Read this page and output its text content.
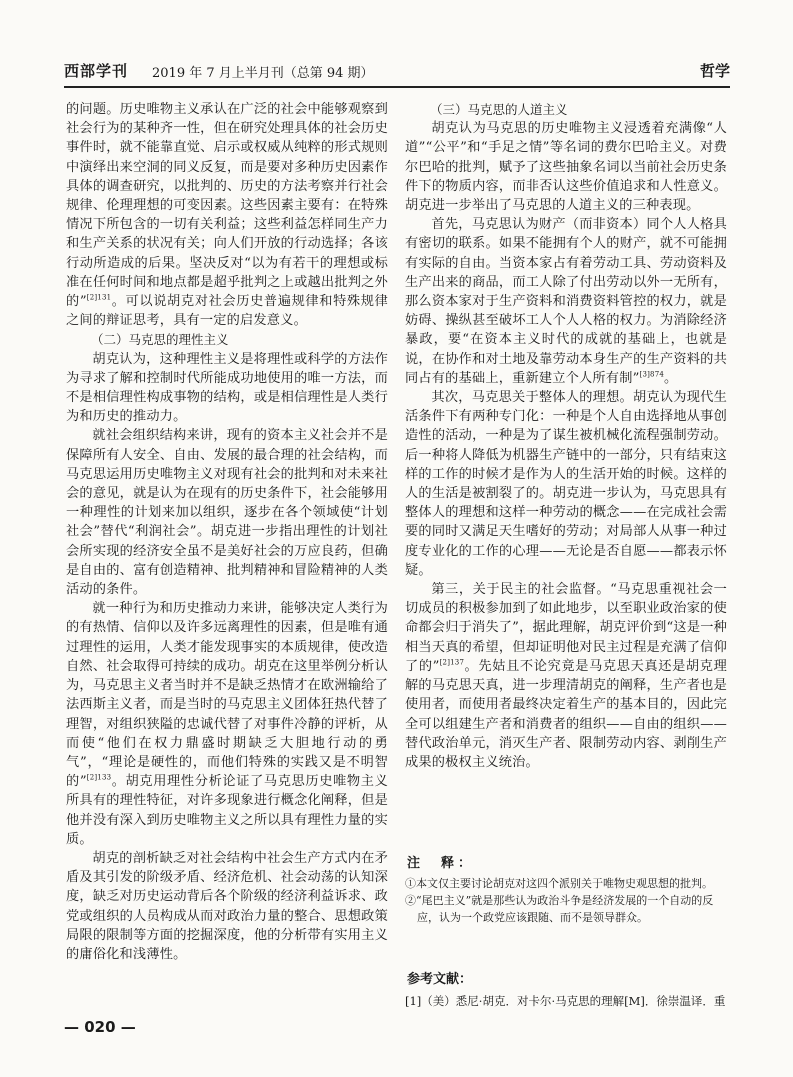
西部学刊 2019 年 7 月上半月刊（总第 94 期）	哲学

的问题。历史唯物主义承认在广泛的社会中能够观察到社会行为的某种齐一性，但在研究处理具体的社会历史事件时，就不能靠直觉、启示或权威从纯粹的形式规则中演绎出来空洞的同义反复，而是要对多种历史因素作具体的调查研究，以批判的、历史的方法考察并行社会规律、伦理理想的可变因素。这些因素主要有：在特殊情况下所包含的一切有关利益；这些利益怎样同生产力和生产关系的状况有关；向人们开放的行动选择；各该行动所造成的后果。坚决反对“以为有若干的理想或标准在任何时间和地点都是超乎批判之上或越出批判之外的”$^{[2]131}$。可以说胡克对社会历史普遍规律和特殊规律之间的辩证思考，具有一定的启发意义。

（二）马克思的理性主义

胡克认为，这种理性主义是将理性或科学的方法作为寻求了解和控制时代所能成功地使用的唯一方法，而不是相信理性构成事物的结构，或是相信理性是人类行为和历史的推动力。

就社会组织结构来讲，现有的资本主义社会并不是保障所有人安全、自由、发展的最合理的社会结构，而马克思运用历史唯物主义对现有社会的批判和对未来社会的意见，就是认为在现有的历史条件下，社会能够用一种理性的计划来加以组织，逐步在各个领域使“计划社会”替代“利润社会”。胡克进一步指出理性的计划社会所实现的经济安全虽不是美好社会的万应良药，但确是自由的、富有创造精神、批判精神和冒险精神的人类活动的条件。

就一种行为和历史推动力来讲，能够决定人类行为的有热情、信仰以及许多远离理性的因素，但是唯有通过理性的运用，人类才能发现事实的本质规律，使改造自然、社会取得可持续的成功。胡克在这里举例分析认为，马克思主义者当时并不是缺乏热情才在欧洲输给了法西斯主义者，而是当时的马克思主义团体狂热代替了理智，对组织狭隘的忠诚代替了对事件冷静的评析，从而使“他们在权力鼎盛时期缺乏大胆地行动的勇气”，“理论是硬性的，而他们特殊的实践又是不明智的”$^{[2]133}$。胡克用理性分析论证了马克思历史唯物主义所具有的理性特征，对许多现象进行概念化阐释，但是他并没有深入到历史唯物主义之所以具有理性力量的实质。

胡克的剖析缺乏对社会结构中社会生产方式内在矛盾及其引发的阶级矛盾、经济危机、社会动荡的认知深度，缺乏对历史运动背后各个阶级的经济利益诉求、政党或组织的人员构成从而对政治力量的整合、思想政策局限的限制等方面的挖掘深度，他的分析带有实用主义的庸俗化和浅薄性。

（三）马克思的人道主义

胡克认为马克思的历史唯物主义浸透着充满像“人道”“公平”和“手足之情”等名词的费尔巴哈主义。对费尔巴哈的批判，赋予了这些抽象名词以当前社会历史条件下的物质内容，而非否认这些价值追求和人性意义。胡克进一步举出了马克思的人道主义的三种表现。

首先，马克思认为财产（而非资本）同个人人格具有密切的联系。如果不能拥有个人的财产，就不可能拥有实际的自由。当资本家占有着劳动工具、劳动资料及生产出来的商品，而工人除了付出劳动以外一无所有，那么资本家对于生产资料和消费资料管控的权力，就是妨碍、操纵甚至破坏工人个人人格的权力。为消除经济暴政，要“在资本主义时代的成就的基础上，也就是说，在协作和对土地及靠劳动本身生产的生产资料的共同占有的基础上，重新建立个人所有制”$^{[3]874}$。

其次，马克思关于整体人的理想。胡克认为现代生活条件下有两种专门化：一种是个人自由选择地从事创造性的活动，一种是为了谋生被机械化流程强制劳动。后一种将人降低为机器生产链中的一部分，只有结束这样的工作的时候才是作为人的生活开始的时候。这样的人的生活是被割裂了的。胡克进一步认为，马克思具有整体人的理想和这样一种劳动的概念——在完成社会需要的同时又满足天生嗜好的劳动；对局部人从事一种过度专业化的工作的心理——无论是否自愿——都表示怀疑。

第三，关于民主的社会监督。“马克思重视社会一切成员的积极参加到了如此地步，以至职业政治家的使命都会归于消失了”，据此理解，胡克评价到“这是一种相当天真的希望，但却证明他对民主过程是充满了信仰了的”$^{[2]137}$。先姑且不论究竟是马克思天真还是胡克理解的马克思天真，进一步理清胡克的阐释，生产者也是使用者，而使用者最终决定着生产的基本目的，因此完全可以组建生产者和消费者的组织——自由的组织——替代政治单元，消灭生产者、限制劳动内容、剥削生产成果的极权主义统治。

注　释：

①本文仅主要讨论胡克对这四个派别关于唯物史观思想的批判。

②“尾巴主义”就是那些认为政治斗争是经济发展的一个自动的反应，认为一个政党应该跟随、而不是领导群众。

参考文献：

[1]（美）悉尼·胡克．对卡尔·马克思的理解[M]．徐崇温译．重

— 020 —
